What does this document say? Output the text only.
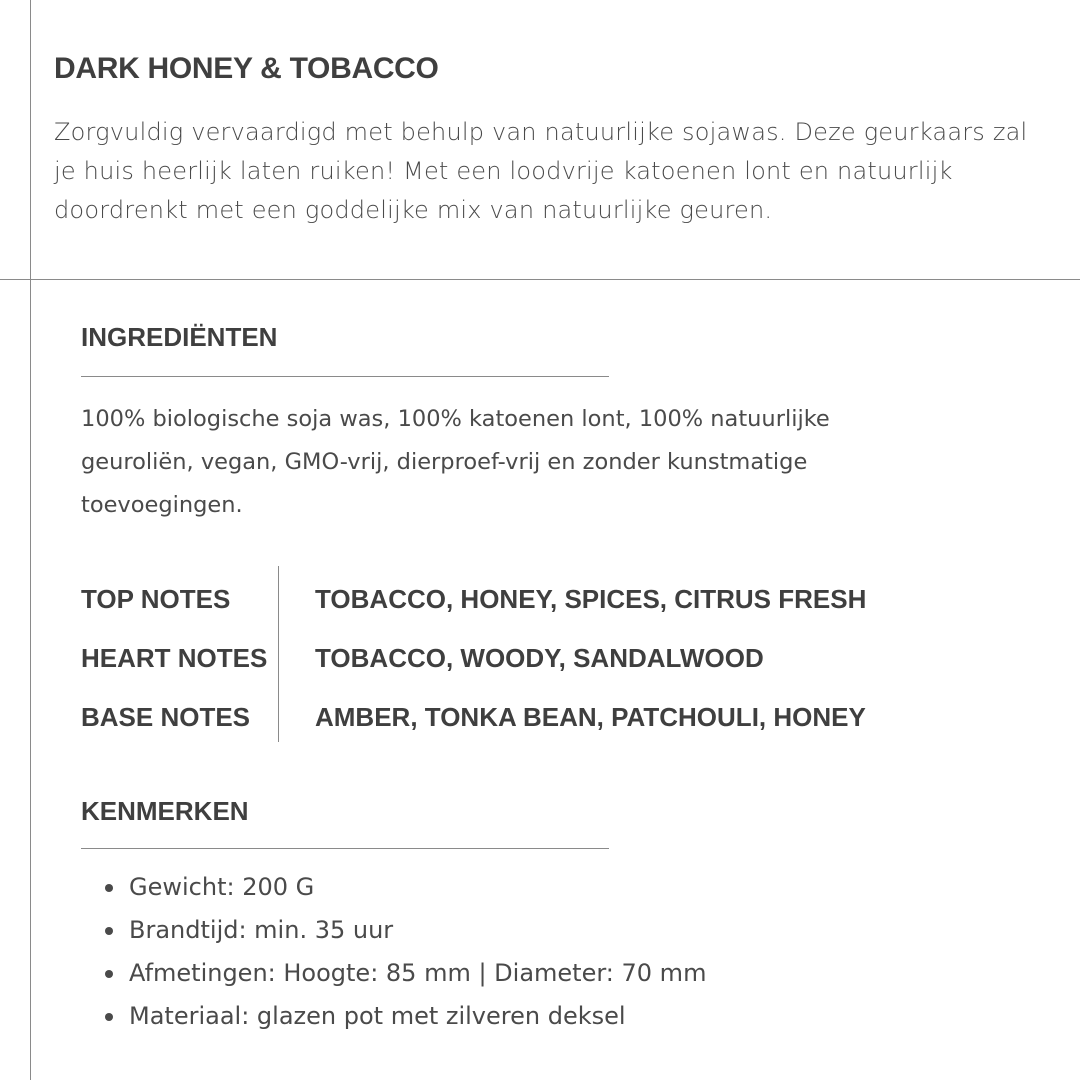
DARK HONEY & TOBACCO

Zorgvuldig vervaardigd met behulp van natuurlijke sojawas. Deze geurkaars zal je huis heerlijk laten ruiken! Met een loodvrije katoenen lont en natuurlijk doordrenkt met een goddelijke mix van natuurlijke geuren.

INGREDIËNTEN

100% biologische soja was, 100% katoenen lont, 100% natuurlijke geuroliën, vegan, GMO-vrij, dierproef-vrij en zonder kunstmatige toevoegingen.

TOP NOTES	TOBACCO, HONEY, SPICES, CITRUS FRESH

HEART NOTES TOBACCO, WOODY, SANDALWOOD

BASE NOTES AMBER, TONKA BEAN, PATCHOULI, HONEY

KENMERKEN
Gewicht: 200 G
Brandtijd: min. 35 uur
Afmetingen: Hoogte: 85 mm | Diameter: 70 mm
Materiaal: glazen pot met zilveren deksel
